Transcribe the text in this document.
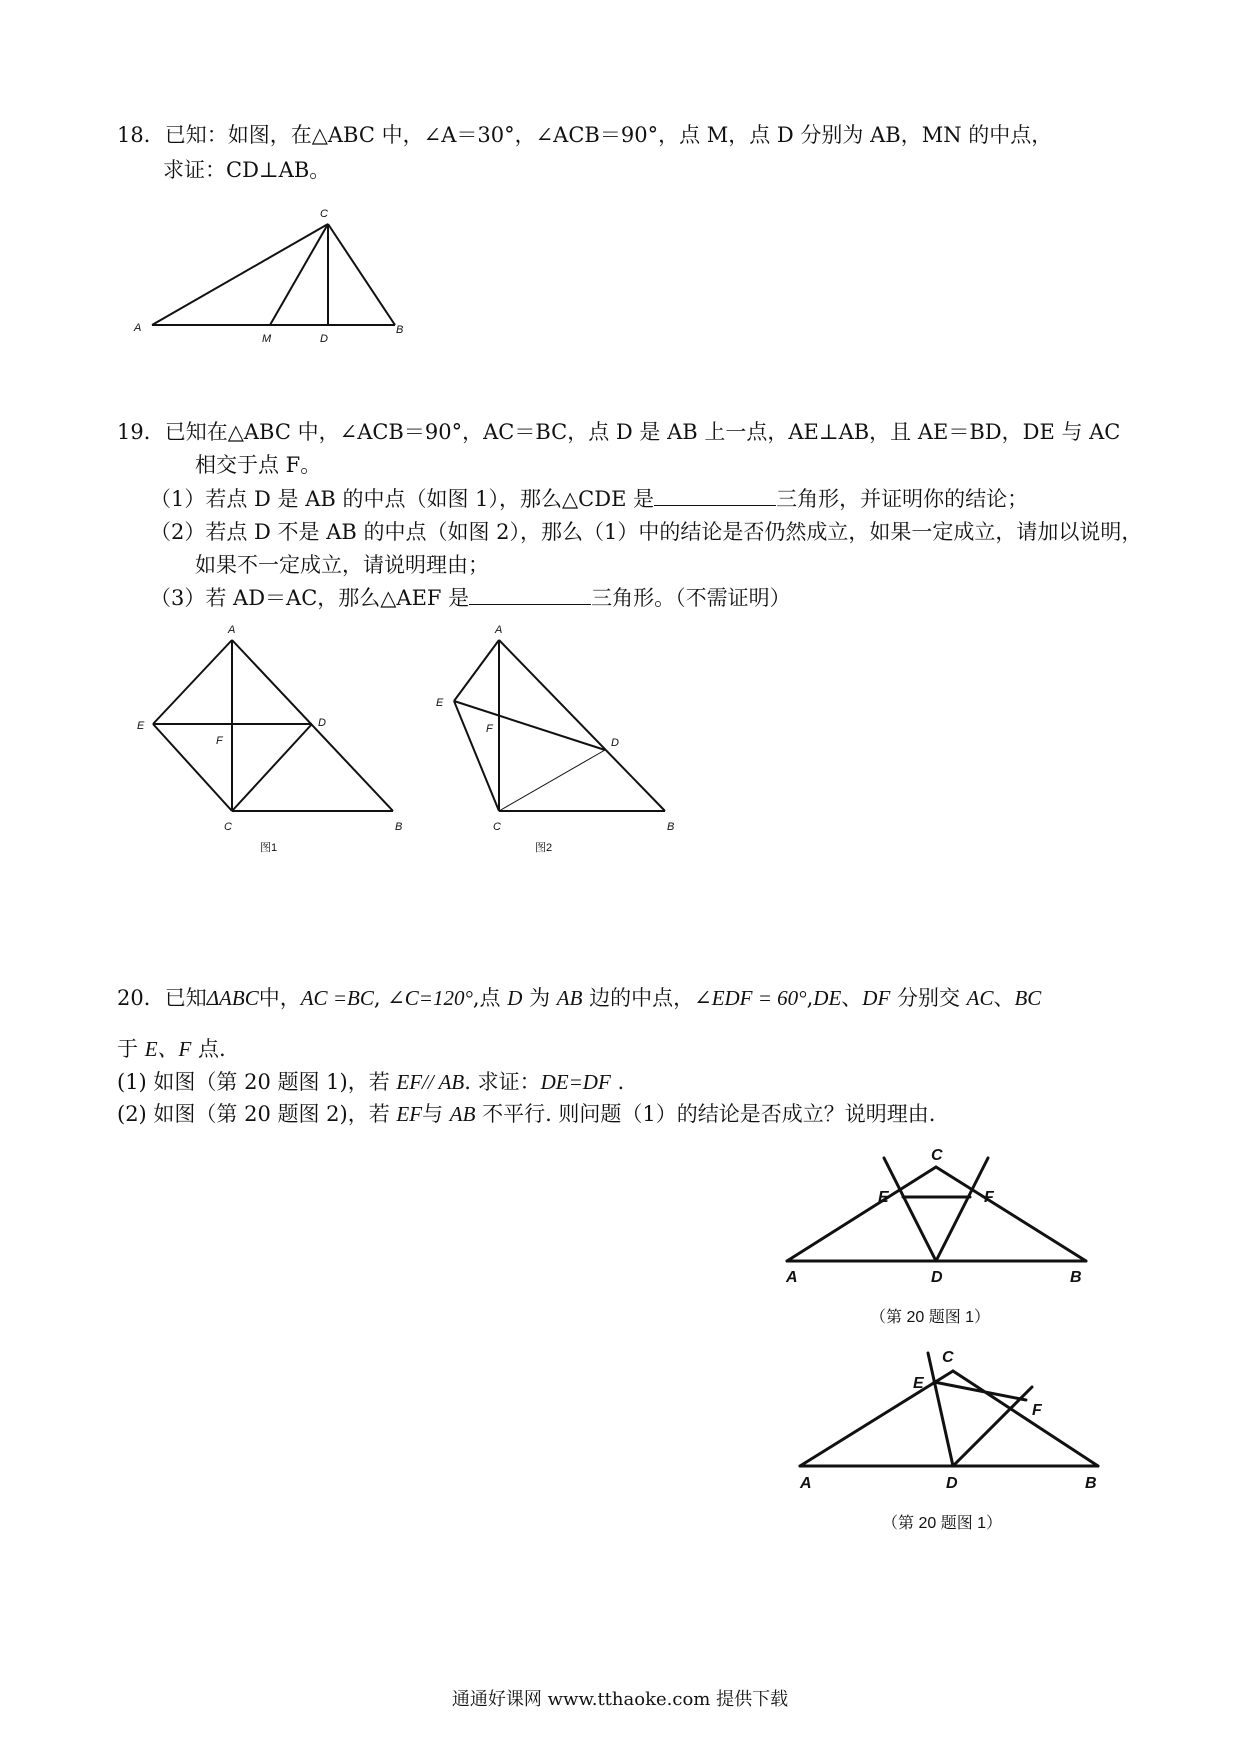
18．已知：如图，在△ABC 中，∠A＝30°，∠ACB＝90°，点 M，点 D 分别为 AB，MN 的中点，
求证：CD⊥AB。
A
C
M	D
B
19．已知在△ABC 中，∠ACB＝90°，AC＝BC，点 D 是 AB 上一点，AE⊥AB，且 AE＝BD，DE 与 AC
相交于点 F。
（1）若点 D 是 AB 的中点（如图 1），那么△CDE 是	三角形，并证明你的结论；
（2）若点 D 不是 AB 的中点（如图 2），那么（1）中的结论是否仍然成立，如果一定成立，请加以说明，
如果不一定成立，请说明理由；
（3）若 AD＝AC，那么△AEF 是	三角形。（不需证明）
A
E	D
F
C	B
图1
A
E
F
D
C	B
图2
20．已知ΔABC中，AC =BC, ∠C=120°,点 D 为 AB 边的中点，∠EDF = 60°,DE、DF 分别交 AC、BC
于 E、F 点.
(1) 如图（第 20 题图 1)，若 EF// AB. 求证：DE=DF .
(2) 如图（第 20 题图 2)，若 EF与 AB 不平行. 则问题（1）的结论是否成立？说明理由.
C
E	F
A	D	B
（第 20 题图 1）
C
E
F
A	D	B
（第 20 题图 1）
通通好课网 www.tthaoke.com 提供下载
